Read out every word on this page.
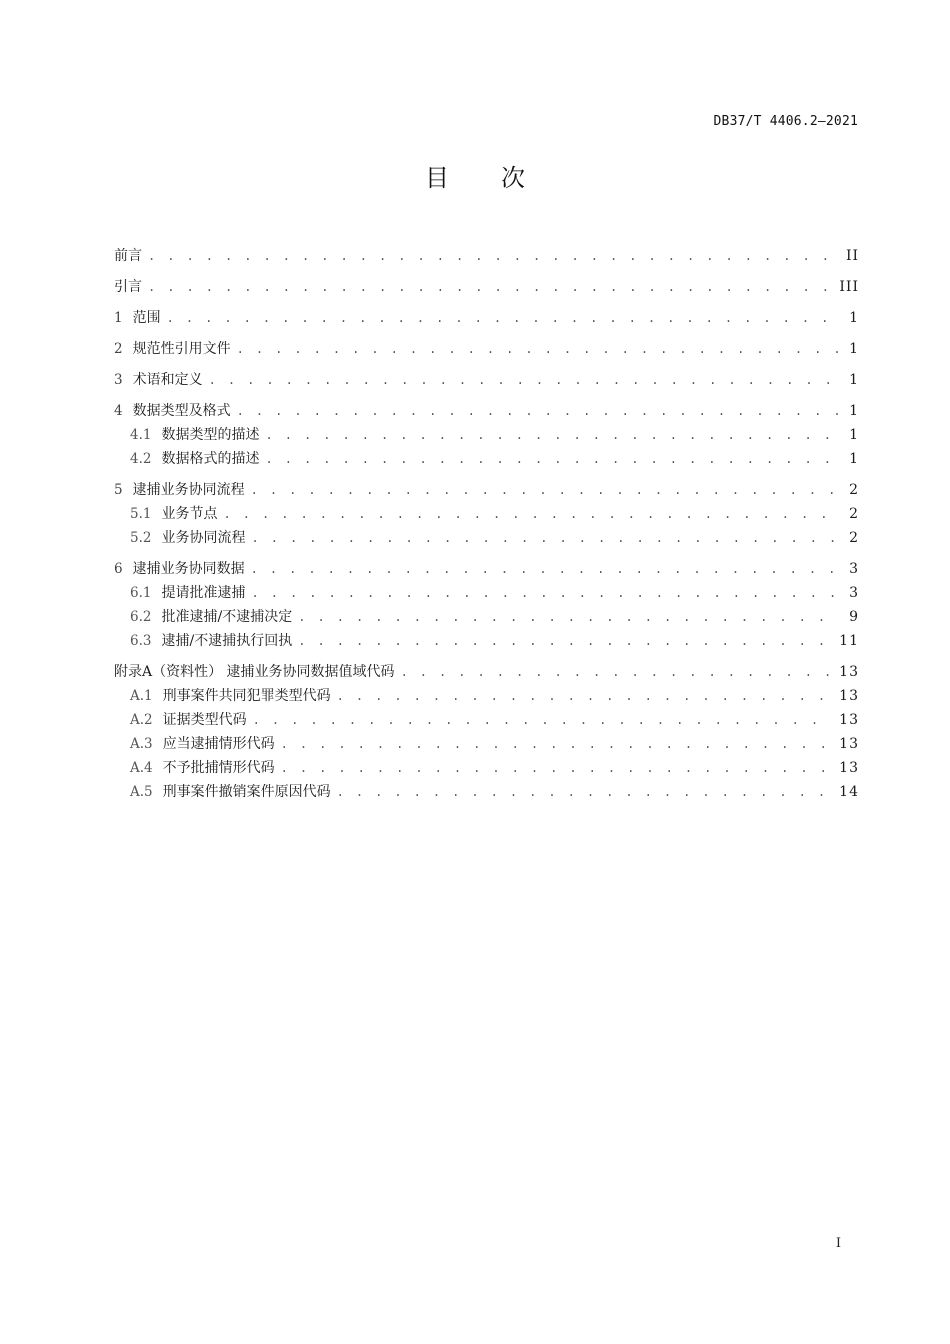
DB37/T 4406.2—2021
目次
前言 . . .	II
引言 . . .	III
1 范围 . . .	1
2 规范性引用文件 . . .	1
3 术语和定义 . . .	1
4 数据类型及格式 . . .	1
4.1 数据类型的描述 . . .	1
4.2 数据格式的描述 . . .	1
5 逮捕业务协同流程 . . .	2
5.1 业务节点 . . .	2
5.2 业务协同流程 . . .	2
6 逮捕业务协同数据 . . .	3
6.1 提请批准逮捕 . . .	3
6.2 批准逮捕/不逮捕决定 . . .	9
6.3 逮捕/不逮捕执行回执 . . .	11
附录A（资料性） 逮捕业务协同数据值域代码 . . .	13
A.1 刑事案件共同犯罪类型代码 . . .	13
A.2 证据类型代码 . . .	13
A.3 应当逮捕情形代码 . . .	13
A.4 不予批捕情形代码 . . .	13
A.5 刑事案件撤销案件原因代码 . . .	14
I
